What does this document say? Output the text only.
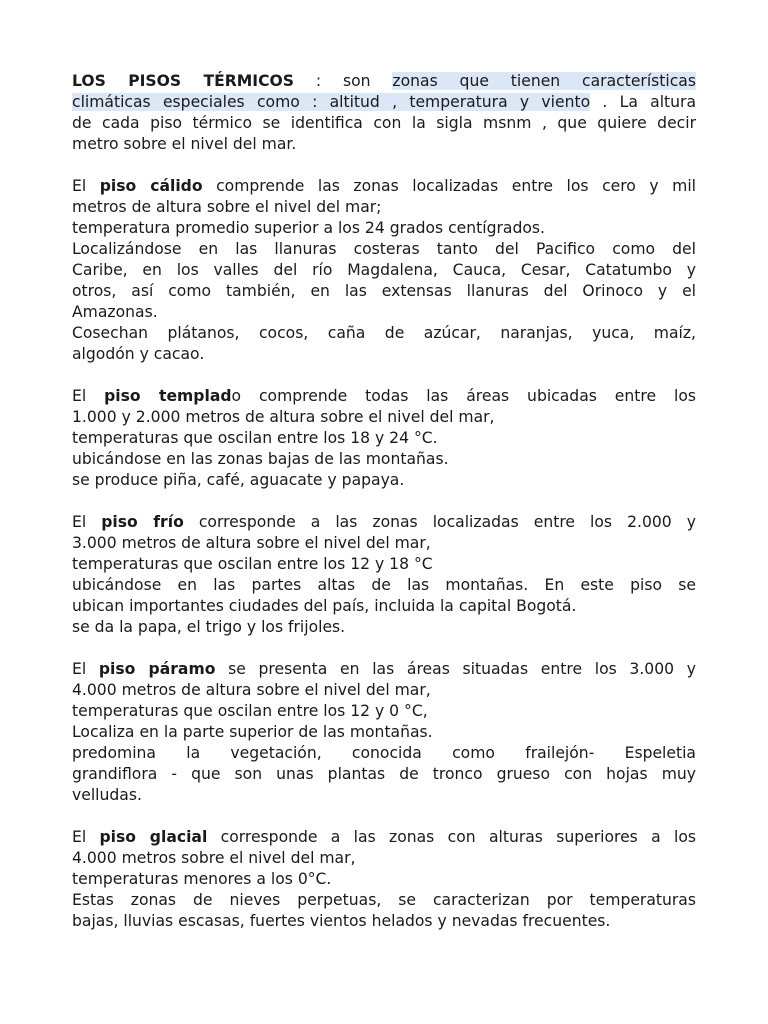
LOS PISOS TÉRMICOS : son zonas que tienen características
climáticas especiales como : altitud , temperatura y viento . La altura
de cada piso térmico se identifica con la sigla msnm , que quiere decir
metro sobre el nivel del mar.
El piso cálido comprende las zonas localizadas entre los cero y mil
metros de altura sobre el nivel del mar;
temperatura promedio superior a los 24 grados centígrados.
Localizándose en las llanuras costeras tanto del Pacifico como del
Caribe, en los valles del río Magdalena, Cauca, Cesar, Catatumbo y
otros, así como también, en las extensas llanuras del Orinoco y el
Amazonas.
Cosechan plátanos, cocos, caña de azúcar, naranjas, yuca, maíz,
algodón y cacao.
El piso templado comprende todas las áreas ubicadas entre los
1.000 y 2.000 metros de altura sobre el nivel del mar,
temperaturas que oscilan entre los 18 y 24 °C.
ubicándose en las zonas bajas de las montañas.
se produce piña, café, aguacate y papaya.
El piso frío corresponde a las zonas localizadas entre los 2.000 y
3.000 metros de altura sobre el nivel del mar,
temperaturas que oscilan entre los 12 y 18 °C
ubicándose en las partes altas de las montañas. En este piso se
ubican importantes ciudades del país, incluida la capital Bogotá.
se da la papa, el trigo y los frijoles.
El piso páramo se presenta en las áreas situadas entre los 3.000 y
4.000 metros de altura sobre el nivel del mar,
temperaturas que oscilan entre los 12 y 0 °C,
Localiza en la parte superior de las montañas.
predomina la vegetación, conocida como frailejón- Espeletia
grandiflora - que son unas plantas de tronco grueso con hojas muy
velludas.
El piso glacial corresponde a las zonas con alturas superiores a los
4.000 metros sobre el nivel del mar,
temperaturas menores a los 0°C.
Estas zonas de nieves perpetuas, se caracterizan por temperaturas
bajas, lluvias escasas, fuertes vientos helados y nevadas frecuentes.
